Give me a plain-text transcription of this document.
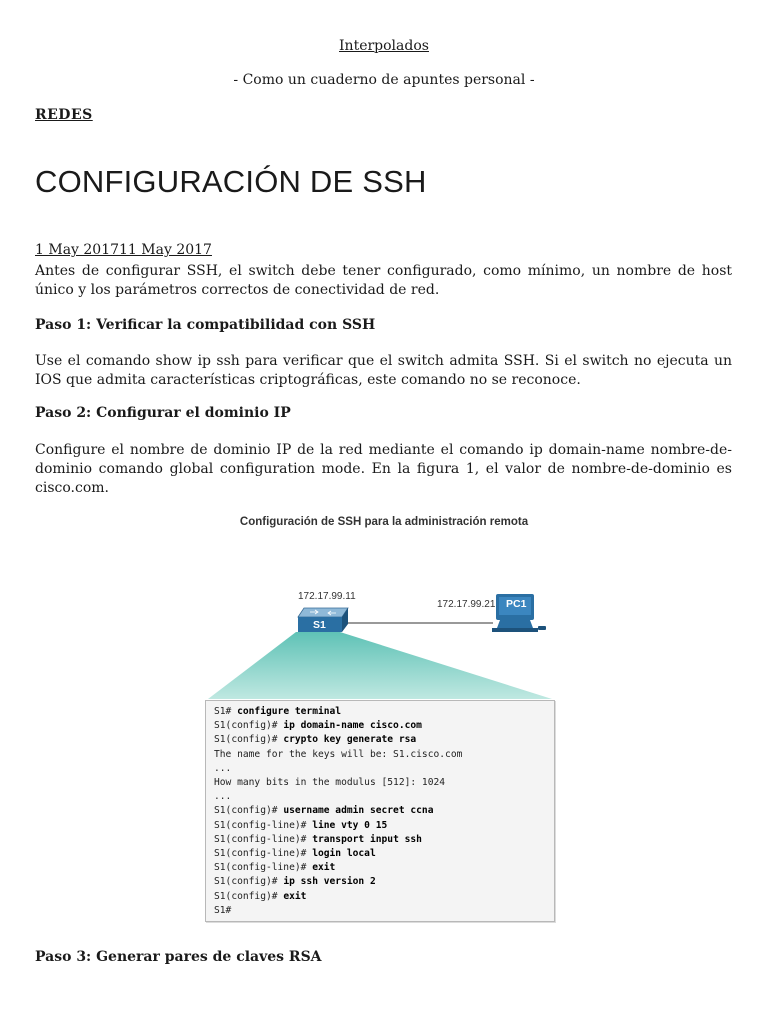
Interpolados
- Como un cuaderno de apuntes personal -
REDES
CONFIGURACIÓN DE SSH
1 May 201711 May 2017

Antes de configurar SSH, el switch debe tener configurado, como mínimo, un nombre de host único y los parámetros correctos de conectividad de red.

Paso 1: Verificar la compatibilidad con SSH

Use el comando show ip ssh para verificar que el switch admita SSH. Si el switch no ejecuta un IOS que admita características criptográficas, este comando no se reconoce.

Paso 2: Configurar el dominio IP

Configure el nombre de dominio IP de la red mediante el comando ip domain-name nombre-de-dominio comando global configuration mode. En la figura 1, el valor de nombre-de-dominio es cisco.com.

Configuración de SSH para la administración remota
172.17.99.11
172.17.99.21
S1
PC1
S1# configure terminal
S1(config)# ip domain-name cisco.com
S1(config)# crypto key generate rsa
The name for the keys will be: S1.cisco.com
...
How many bits in the modulus [512]: 1024
...
S1(config)# username admin secret ccna
S1(config-line)# line vty 0 15
S1(config-line)# transport input ssh
S1(config-line)# login local
S1(config-line)# exit
S1(config)# ip ssh version 2
S1(config)# exit
S1#

Paso 3: Generar pares de claves RSA
